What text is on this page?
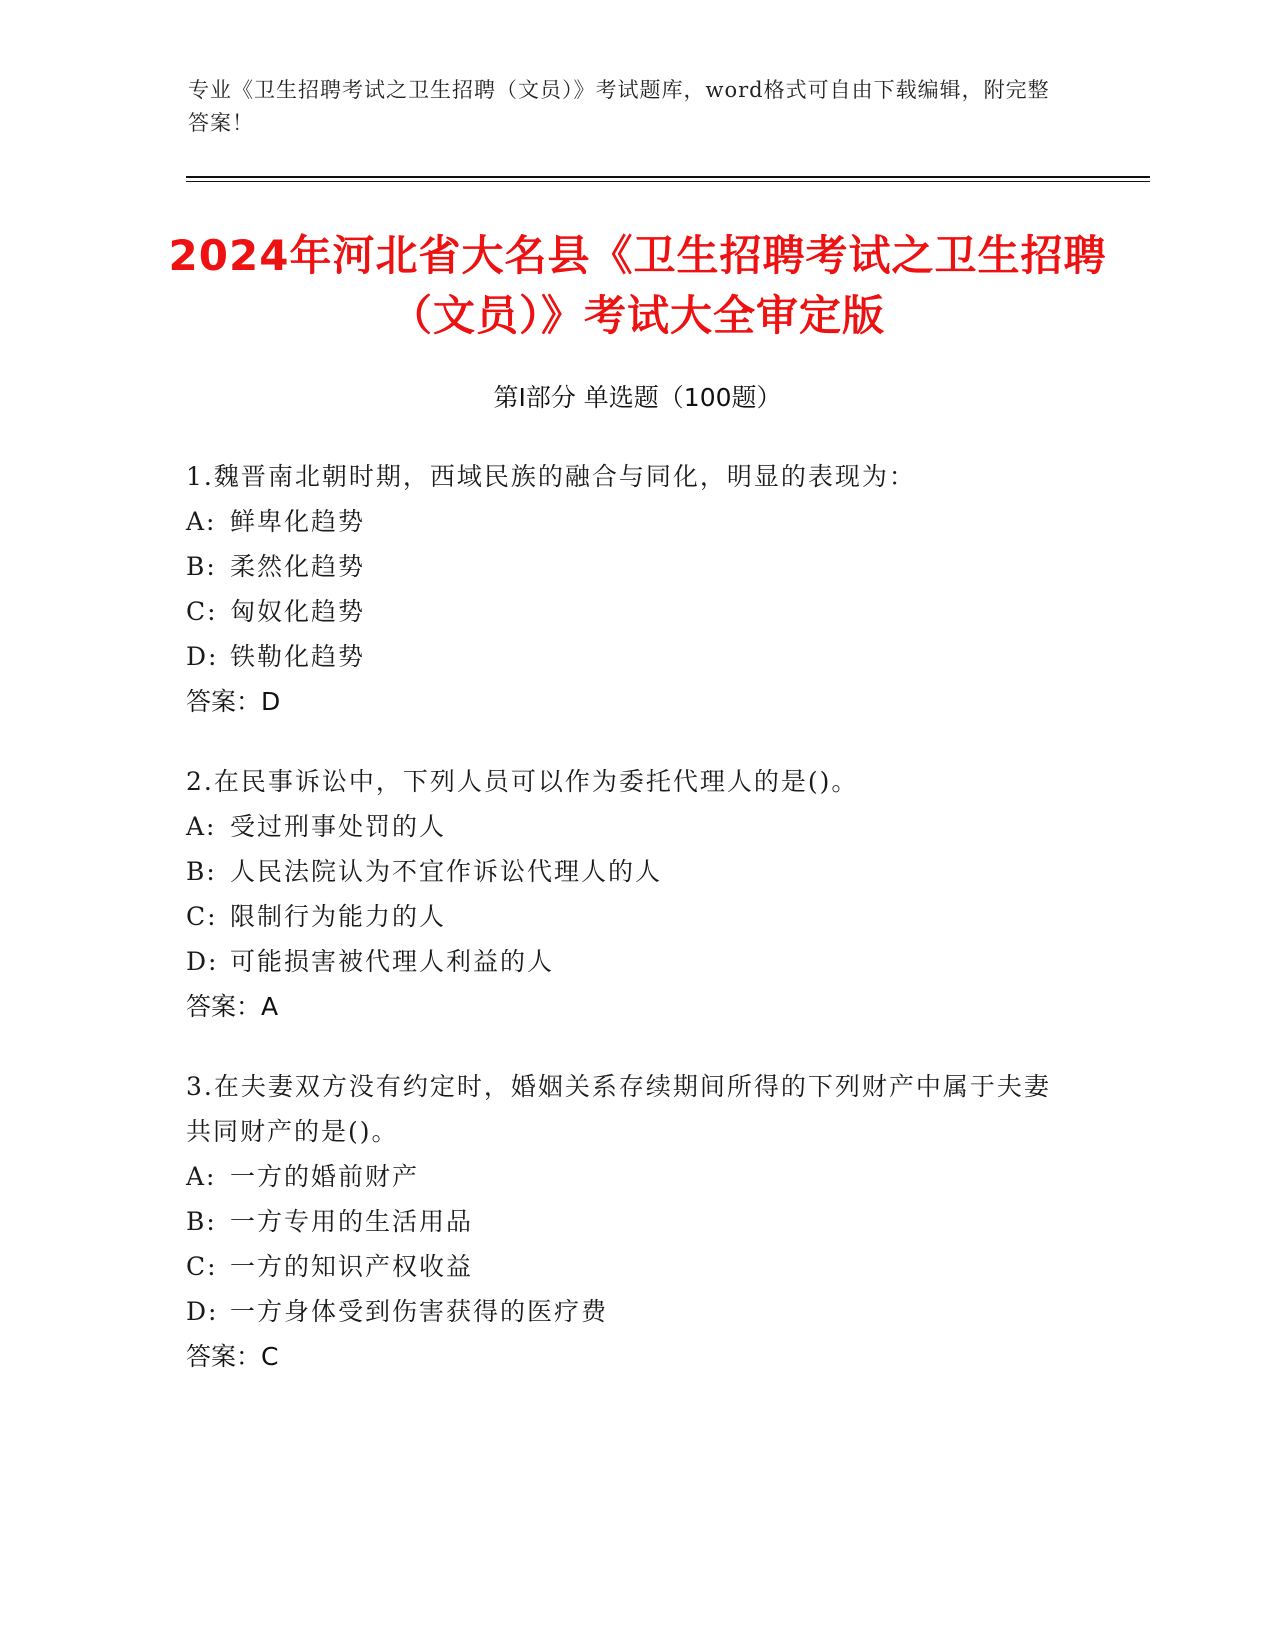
专业《卫生招聘考试之卫生招聘（文员）》考试题库，word格式可自由下载编辑，附完整答案！
2024年河北省大名县《卫生招聘考试之卫生招聘（文员）》考试大全审定版
第Ⅰ部分 单选题（100题）
1.魏晋南北朝时期，西域民族的融合与同化，明显的表现为：
A: 鲜卑化趋势
B: 柔然化趋势
C: 匈奴化趋势
D: 铁勒化趋势
答案：D
2.在民事诉讼中，下列人员可以作为委托代理人的是()。
A: 受过刑事处罚的人
B: 人民法院认为不宜作诉讼代理人的人
C: 限制行为能力的人
D: 可能损害被代理人利益的人
答案：A
3.在夫妻双方没有约定时，婚姻关系存续期间所得的下列财产中属于夫妻共同财产的是()。
A: 一方的婚前财产
B: 一方专用的生活用品
C: 一方的知识产权收益
D: 一方身体受到伤害获得的医疗费
答案：C
